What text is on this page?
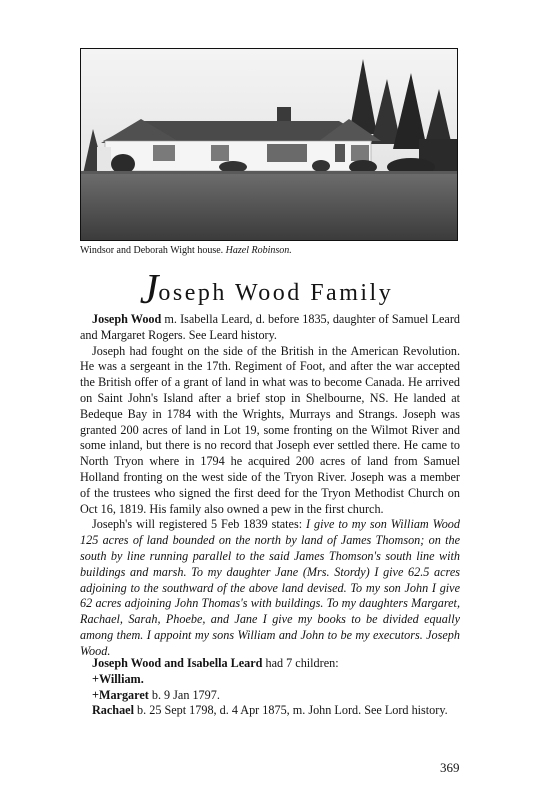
Windsor and Deborah Wight house. Hazel Robinson.
Joseph Wood Family

Joseph Wood m. Isabella Leard, d. before 1835, daughter of Samuel Leard and Margaret Rogers. See Leard history.

Joseph had fought on the side of the British in the American Revolution. He was a sergeant in the 17th. Regiment of Foot, and after the war accepted the British offer of a grant of land in what was to become Canada. He arrived on Saint John's Island after a brief stop in Shelbourne, NS. He landed at Bedeque Bay in 1784 with the Wrights, Murrays and Strangs. Joseph was granted 200 acres of land in Lot 19, some fronting on the Wilmot River and some inland, but there is no record that Joseph ever settled there. He came to North Tryon where in 1794 he acquired 200 acres of land from Samuel Holland fronting on the west side of the Tryon River. Joseph was a member of the trustees who signed the first deed for the Tryon Methodist Church on Oct 16, 1819. His family also owned a pew in the first church.

Joseph's will registered 5 Feb 1839 states: I give to my son William Wood 125 acres of land bounded on the north by land of James Thomson; on the south by line running parallel to the said James Thomson's south line with buildings and marsh. To my daughter Jane (Mrs. Stordy) I give 62.5 acres adjoining to the southward of the above land devised. To my son John I give 62 acres adjoining John Thomas's with buildings. To my daughters Margaret, Rachael, Sarah, Phoebe, and Jane I give my books to be divided equally among them. I appoint my sons William and John to be my executors. Joseph Wood.

Joseph Wood and Isabella Leard had 7 children:

+William.

+Margaret b. 9 Jan 1797.

Rachael b. 25 Sept 1798, d. 4 Apr 1875, m. John Lord. See Lord history.

369
